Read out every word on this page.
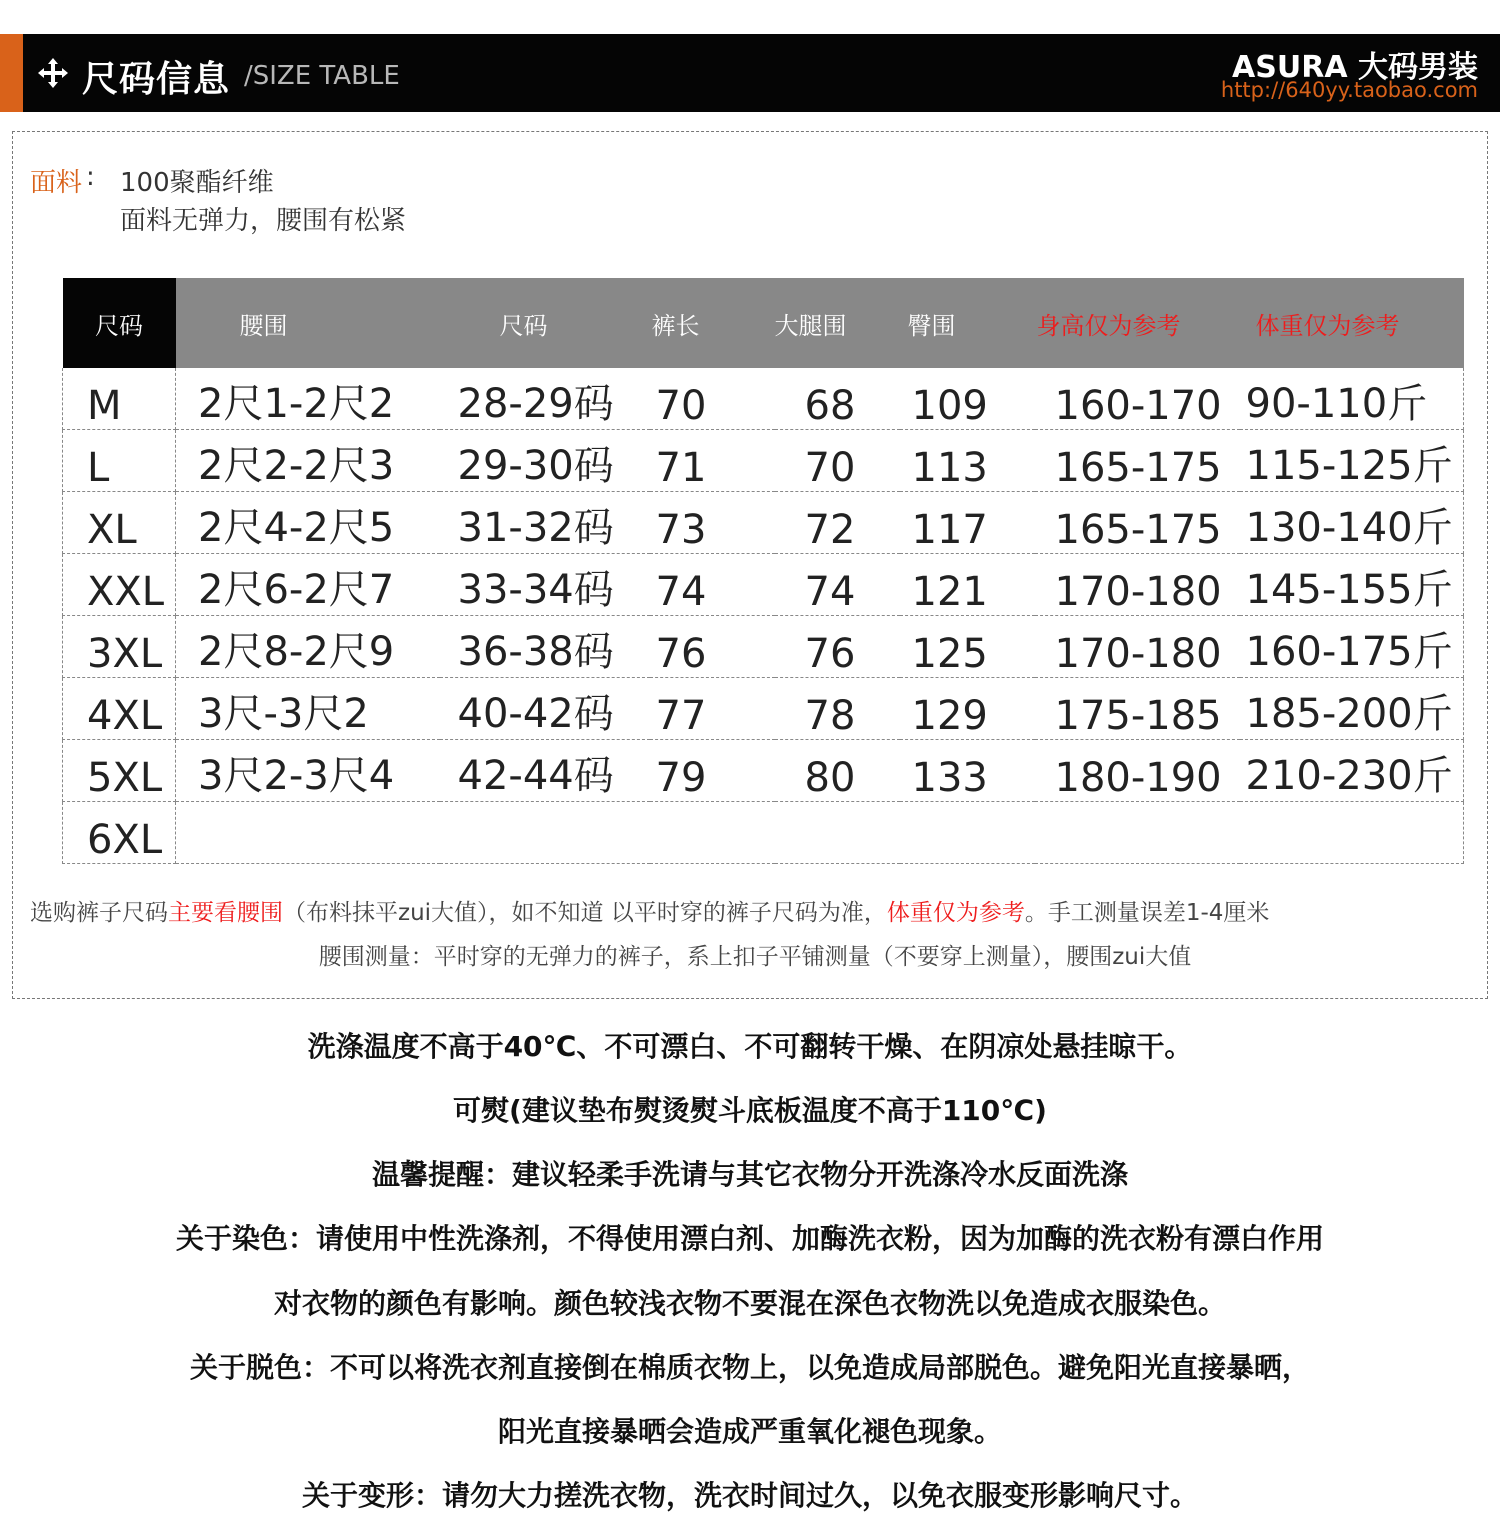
尺码信息 /SIZE TABLE	ASURA 大码男装
http://640yy.taobao.com
面料 : 100聚酯纤维
面料无弹力，腰围有松紧
尺码	腰围	尺码	裤长	大腿围	臀围	身高仅为参考	体重仅为参考
M	2尺1-2尺2	28-29码	70	68	109	160-170	90-110斤
L	2尺2-2尺3	29-30码	71	70	113	165-175	115-125斤
XL	2尺4-2尺5	31-32码	73	72	117	165-175	130-140斤
XXL	2尺6-2尺7	33-34码	74	74	121	170-180	145-155斤
3XL	2尺8-2尺9	36-38码	76	76	125	170-180	160-175斤
4XL	3尺-3尺2	40-42码	77	78	129	175-185	185-200斤
5XL	3尺2-3尺4	42-44码	79	80	133	180-190	210-230斤
6XL							
选购裤子尺码主要看腰围（布料抹平zui大值），如不知道 以平时穿的裤子尺码为准，体重仅为参考。手工测量误差1-4厘米
腰围测量：平时穿的无弹力的裤子，系上扣子平铺测量（不要穿上测量），腰围zui大值
洗涤温度不高于40℃、不可漂白、不可翻转干燥、在阴凉处悬挂晾干。
可熨(建议垫布熨烫熨斗底板温度不高于110℃)
温馨提醒：建议轻柔手洗请与其它衣物分开洗涤冷水反面洗涤
关于染色：请使用中性洗涤剂，不得使用漂白剂、加酶洗衣粉，因为加酶的洗衣粉有漂白作用
对衣物的颜色有影响。颜色较浅衣物不要混在深色衣物洗以免造成衣服染色。
关于脱色：不可以将洗衣剂直接倒在棉质衣物上，以免造成局部脱色。避免阳光直接暴晒，
阳光直接暴晒会造成严重氧化褪色现象。
关于变形：请勿大力搓洗衣物，洗衣时间过久，以免衣服变形影响尺寸。
